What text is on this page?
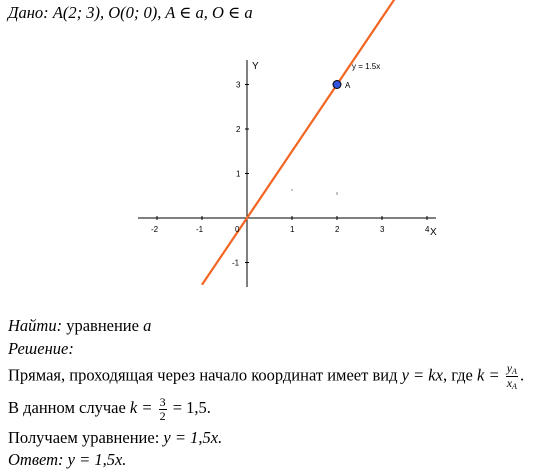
Дано: A(2; 3), O(0; 0), A ∈ a, O ∈ a
-2	-1	1	2	3	4
3
2
1
-1
Y
X
y = 1.5x
A
0
Найти: уравнение a
Решение:
Прямая, проходящая через начало координат имеет вид y = kx, где $k = \frac{y_A}{x_A}$ .
В данном случае $k = \frac{3}{2} = 1,5$.
Получаем уравнение: y = 1,5x.
Ответ: y = 1,5x.
